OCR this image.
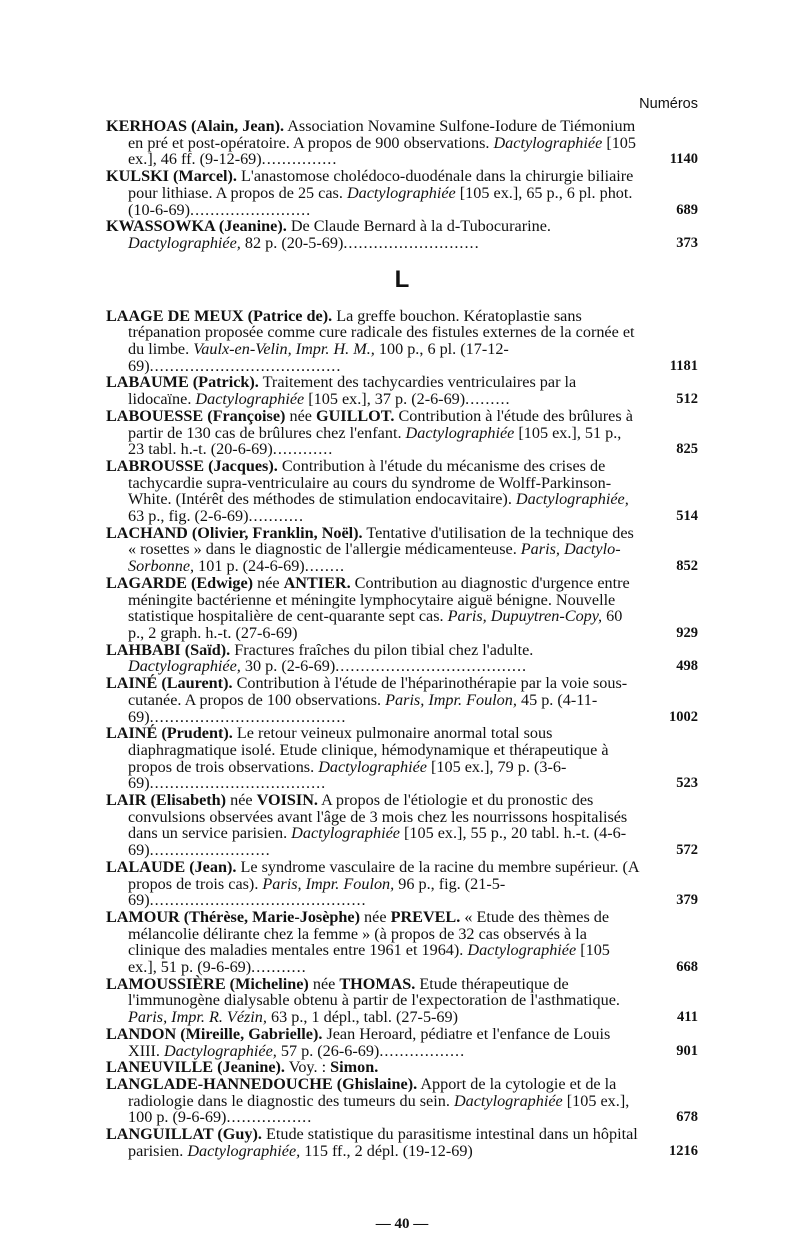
Numéros
KERHOAS (Alain, Jean). Association Novamine Sulfone-Iodure de Tiémonium en pré et post-opératoire. A propos de 900 observations. Dactylographiée [105 ex.], 46 ff. (9-12-69)...............	1140
KULSKI (Marcel). L'anastomose cholédoco-duodénale dans la chirurgie biliaire pour lithiase. A propos de 25 cas. Dactylographiée [105 ex.], 65 p., 6 pl. phot. (10-6-69)........................	689
KWASSOWKA (Jeanine). De Claude Bernard à la d-Tubocurarine. Dactylographiée, 82 p. (20-5-69)...........................	373
L
LAAGE DE MEUX (Patrice de). La greffe bouchon. Kératoplastie sans trépanation proposée comme cure radicale des fistules externes de la cornée et du limbe. Vaulx-en-Velin, Impr. H. M., 100 p., 6 pl. (17-12-69)......................................	1181
LABAUME (Patrick). Traitement des tachycardies ventriculaires par la lidocaïne. Dactylographiée [105 ex.], 37 p. (2-6-69).........	512
LABOUESSE (Françoise) née GUILLOT. Contribution à l'étude des brûlures à partir de 130 cas de brûlures chez l'enfant. Dactylographiée [105 ex.], 51 p., 23 tabl. h.-t. (20-6-69)............	825
LABROUSSE (Jacques). Contribution à l'étude du mécanisme des crises de tachycardie supra-ventriculaire au cours du syndrome de Wolff-Parkinson-White. (Intérêt des méthodes de stimulation endocavitaire). Dactylographiée, 63 p., fig. (2-6-69)...........	514
LACHAND (Olivier, Franklin, Noël). Tentative d'utilisation de la technique des « rosettes » dans le diagnostic de l'allergie médicamenteuse. Paris, Dactylo-Sorbonne, 101 p. (24-6-69)........	852
LAGARDE (Edwige) née ANTIER. Contribution au diagnostic d'urgence entre méningite bactérienne et méningite lymphocytaire aiguë bénigne. Nouvelle statistique hospitalière de cent-quarante sept cas. Paris, Dupuytren-Copy, 60 p., 2 graph. h.-t. (27-6-69)	929
LAHBABI (Saïd). Fractures fraîches du pilon tibial chez l'adulte. Dactylographiée, 30 p. (2-6-69)......................................	498
LAINÉ (Laurent). Contribution à l'étude de l'héparinothérapie par la voie sous-cutanée. A propos de 100 observations. Paris, Impr. Foulon, 45 p. (4-11-69).......................................	1002
LAINÉ (Prudent). Le retour veineux pulmonaire anormal total sous diaphragmatique isolé. Etude clinique, hémodynamique et thérapeutique à propos de trois observations. Dactylographiée [105 ex.], 79 p. (3-6-69)...................................	523
LAIR (Elisabeth) née VOISIN. A propos de l'étiologie et du pronostic des convulsions observées avant l'âge de 3 mois chez les nourrissons hospitalisés dans un service parisien. Dactylographiée [105 ex.], 55 p., 20 tabl. h.-t. (4-6-69)........................	572
LALAUDE (Jean). Le syndrome vasculaire de la racine du membre supérieur. (A propos de trois cas). Paris, Impr. Foulon, 96 p., fig. (21-5-69)...........................................	379
LAMOUR (Thérèse, Marie-Josèphe) née PREVEL. « Etude des thèmes de mélancolie délirante chez la femme » (à propos de 32 cas observés à la clinique des maladies mentales entre 1961 et 1964). Dactylographiée [105 ex.], 51 p. (9-6-69)...........	668
LAMOUSSIÈRE (Micheline) née THOMAS. Etude thérapeutique de l'immunogène dialysable obtenu à partir de l'expectoration de l'asthmatique. Paris, Impr. R. Vézin, 63 p., 1 dépl., tabl. (27-5-69)	411
LANDON (Mireille, Gabrielle). Jean Heroard, pédiatre et l'enfance de Louis XIII. Dactylographiée, 57 p. (26-6-69).................	901
LANEUVILLE (Jeanine). Voy. : Simon.
LANGLADE-HANNEDOUCHE (Ghislaine). Apport de la cytologie et de la radiologie dans le diagnostic des tumeurs du sein. Dactylographiée [105 ex.], 100 p. (9-6-69).................	678
LANGUILLAT (Guy). Etude statistique du parasitisme intestinal dans un hôpital parisien. Dactylographiée, 115 ff., 2 dépl. (19-12-69)	1216
— 40 —
